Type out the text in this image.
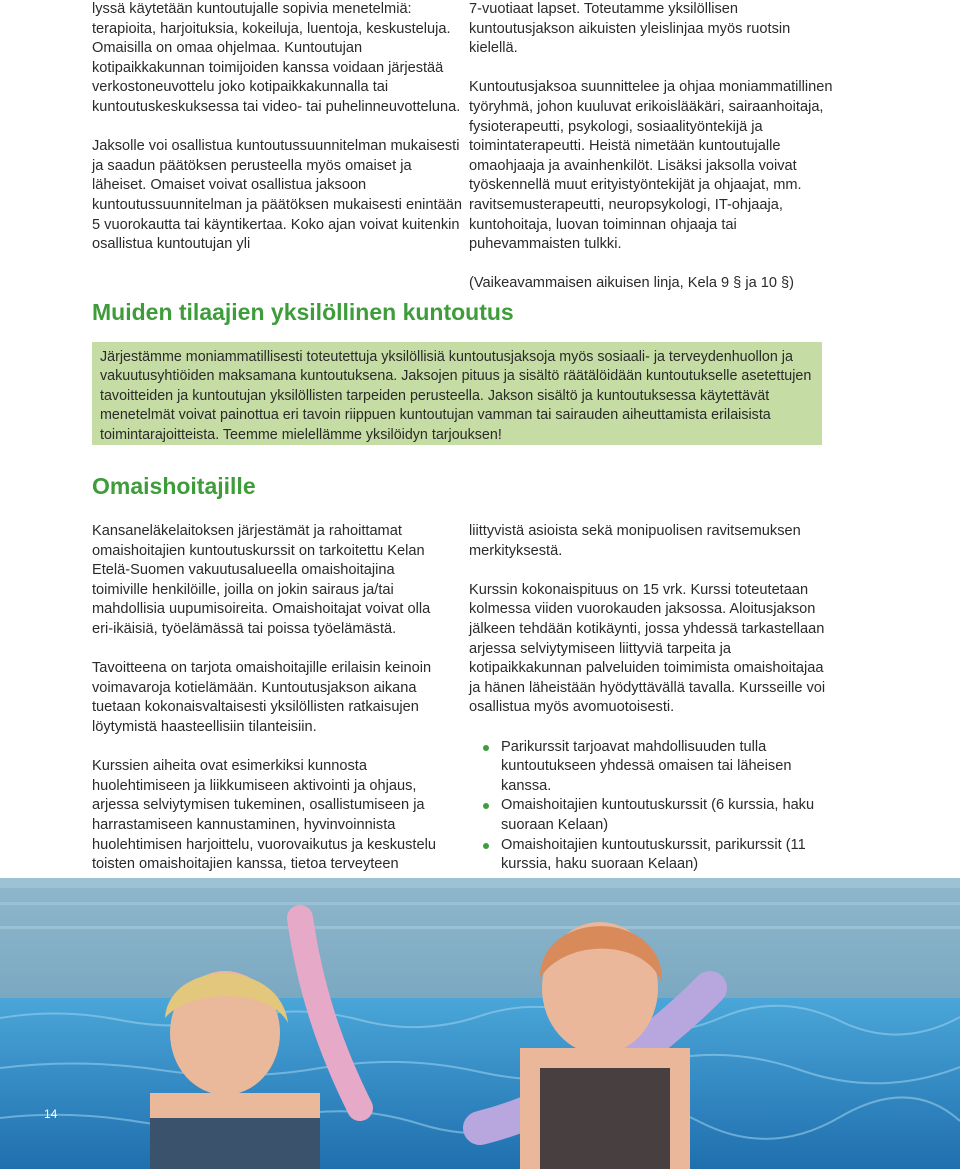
lyssä käytetään kuntoutujalle sopivia menetelmiä: terapioita, harjoituksia, kokeiluja, luentoja, keskusteluja. Omaisilla on omaa ohjelmaa. Kuntoutujan kotipaikkakunnan toimijoiden kanssa voidaan järjestää verkostoneuvottelu joko kotipaikkakunnalla tai kuntoutuskeskuksessa tai video- tai puhelinneuvotteluna.

Jaksolle voi osallistua kuntoutussuunnitelman mukaisesti ja saadun päätöksen perusteella myös omaiset ja läheiset. Omaiset voivat osallistua jaksoon kuntoutussuunnitelman ja päätöksen mukaisesti enintään 5 vuorokautta tai käyntikertaa. Koko ajan voivat kuitenkin osallistua kuntoutujan yli

7-vuotiaat lapset. Toteutamme yksilöllisen kuntoutusjakson aikuisten yleislinjaa myös ruotsin kielellä.

Kuntoutusjaksoa suunnittelee ja ohjaa moniammatillinen työryhmä, johon kuuluvat erikoislääkäri, sairaanhoitaja, fysioterapeutti, psykologi, sosiaalityöntekijä ja toimintaterapeutti. Heistä nimetään kuntoutujalle omaohjaaja ja avainhenkilöt. Lisäksi jaksolla voivat työskennellä muut erityistyöntekijät ja ohjaajat, mm. ravitsemusterapeutti, neuropsykologi, IT-ohjaaja, kuntohoitaja, luovan toiminnan ohjaaja tai puhevammaisten tulkki.

(Vaikeavammaisen aikuisen linja, Kela 9 § ja 10 §)

Muiden tilaajien yksilöllinen kuntoutus
Järjestämme moniammatillisesti toteutettuja yksilöllisiä kuntoutusjaksoja myös sosiaali- ja terveydenhuollon ja vakuutusyhtiöiden maksamana kuntoutuksena. Jaksojen pituus ja sisältö räätälöidään kuntoutukselle asetettujen tavoitteiden ja kuntoutujan yksilöllisten tarpeiden perusteella. Jakson sisältö ja kuntoutuksessa käytettävät menetelmät voivat painottua eri tavoin riippuen kuntoutujan vamman tai sairauden aiheuttamista erilaisista toimintarajoitteista. Teemme mielellämme yksilöidyn tarjouksen!
Omaishoitajille

Kansaneläkelaitoksen järjestämät ja rahoittamat omaishoitajien kuntoutuskurssit on tarkoitettu Kelan Etelä-Suomen vakuutusalueella omaishoitajina toimiville henkilöille, joilla on jokin sairaus ja/tai mahdollisia uupumisoireita. Omaishoitajat voivat olla eri-ikäisiä, työelämässä tai poissa työelämästä.

Tavoitteena on tarjota omaishoitajille erilaisin keinoin voimavaroja kotielämään. Kuntoutusjakson aikana tuetaan kokonaisvaltaisesti yksilöllisten ratkaisujen löytymistä haasteellisiin tilanteisiin.

Kurssien aiheita ovat esimerkiksi kunnosta huolehtimiseen ja liikkumiseen aktivointi ja ohjaus, arjessa selviytymisen tukeminen, osallistumiseen ja harrastamiseen kannustaminen, hyvinvoinnista huolehtimisen harjoittelu, vuorovaikutus ja keskustelu toisten omaishoitajien kanssa, tietoa terveyteen

liittyvistä asioista sekä monipuolisen ravitsemuksen merkityksestä.

Kurssin kokonaispituus on 15 vrk. Kurssi toteutetaan kolmessa viiden vuorokauden jaksossa. Aloitusjakson jälkeen tehdään kotikäynti, jossa yhdessä tarkastellaan arjessa selviytymiseen liittyviä tarpeita ja kotipaikkakunnan palveluiden toimimista omaishoitajaa ja hänen läheistään hyödyttävällä tavalla. Kursseille voi osallistua myös avomuotoisesti.

Parikurssit tarjoavat mahdollisuuden tulla kuntoutukseen yhdessä omaisen tai läheisen kanssa.
Omaishoitajien kuntoutuskurssit (6 kurssia, haku suoraan Kelaan)
Omaishoitajien kuntoutuskurssit, parikurssit (11 kurssia, haku suoraan Kelaan)

14
